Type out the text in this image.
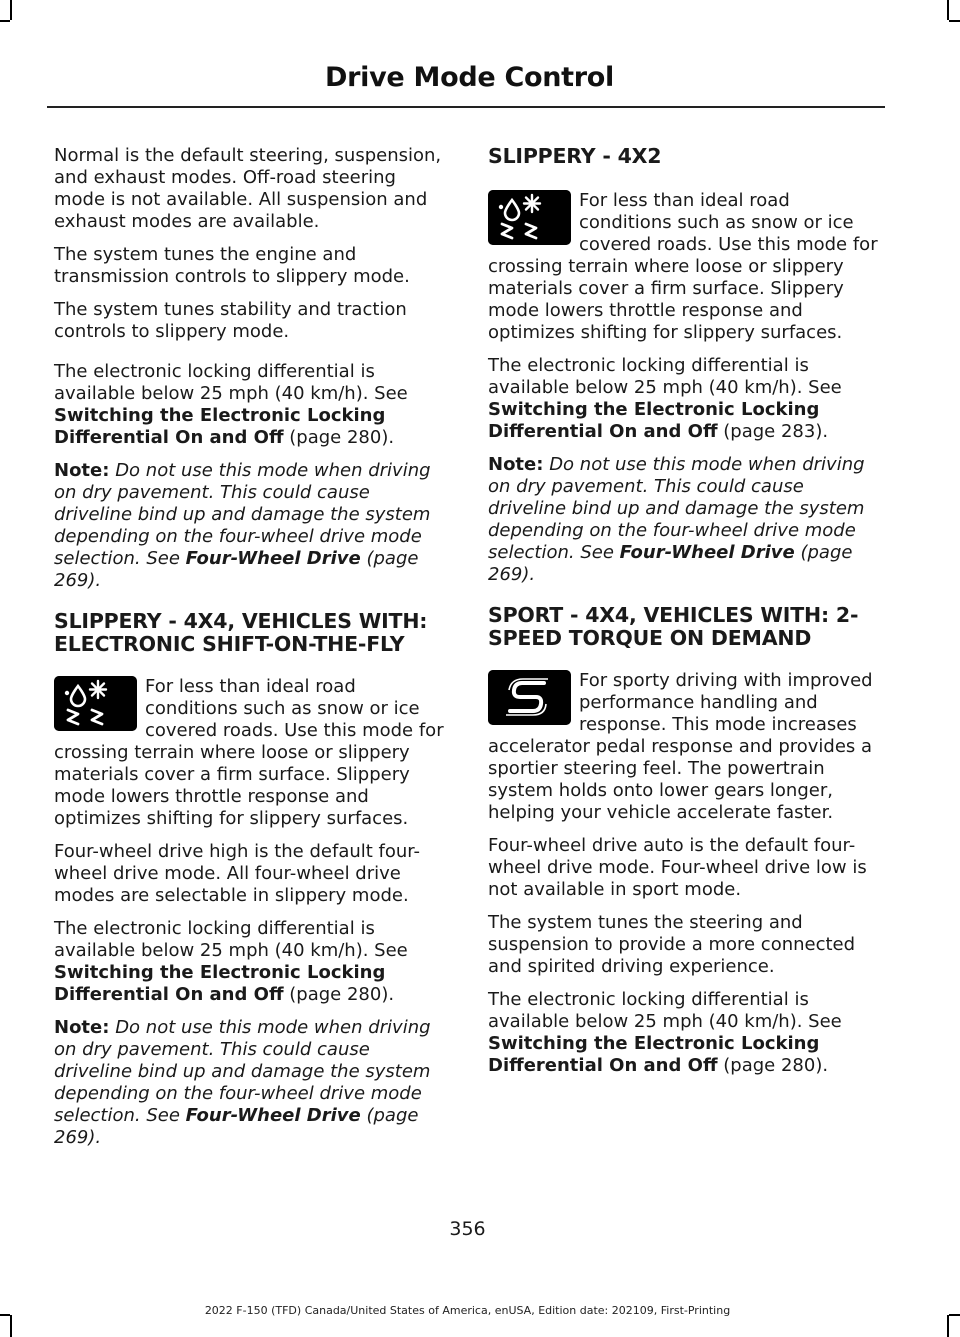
Drive Mode Control

Normal is the default steering, suspension, and exhaust modes. Off-road steering mode is not available. All suspension and exhaust modes are available.

The system tunes the engine and transmission controls to slippery mode.

The system tunes stability and traction controls to slippery mode.

The electronic locking differential is available below 25 mph (40 km/h). See Switching the Electronic Locking Differential On and Off (page 280).

Note: Do not use this mode when driving on dry pavement. This could cause driveline bind up and damage the system depending on the four-wheel drive mode selection. See Four-Wheel Drive (page 269).

SLIPPERY - 4X4, VEHICLES WITH: ELECTRONIC SHIFT-ON-THE-FLY

For less than ideal road conditions such as snow or ice covered roads. Use this mode for crossing terrain where loose or slippery materials cover a firm surface. Slippery mode lowers throttle response and optimizes shifting for slippery surfaces.

Four-wheel drive high is the default four-wheel drive mode. All four-wheel drive modes are selectable in slippery mode.

The electronic locking differential is available below 25 mph (40 km/h). See Switching the Electronic Locking Differential On and Off (page 280).

Note: Do not use this mode when driving on dry pavement. This could cause driveline bind up and damage the system depending on the four-wheel drive mode selection. See Four-Wheel Drive (page 269).

SLIPPERY - 4X2

For less than ideal road conditions such as snow or ice covered roads. Use this mode for crossing terrain where loose or slippery materials cover a firm surface. Slippery mode lowers throttle response and optimizes shifting for slippery surfaces.

The electronic locking differential is available below 25 mph (40 km/h). See Switching the Electronic Locking Differential On and Off (page 283).

Note: Do not use this mode when driving on dry pavement. This could cause driveline bind up and damage the system depending on the four-wheel drive mode selection. See Four-Wheel Drive (page 269).

SPORT - 4X4, VEHICLES WITH: 2-SPEED TORQUE ON DEMAND

For sporty driving with improved performance handling and response. This mode increases accelerator pedal response and provides a sportier steering feel. The powertrain system holds onto lower gears longer, helping your vehicle accelerate faster.

Four-wheel drive auto is the default four-wheel drive mode. Four-wheel drive low is not available in sport mode.

The system tunes the steering and suspension to provide a more connected and spirited driving experience.

The electronic locking differential is available below 25 mph (40 km/h). See Switching the Electronic Locking Differential On and Off (page 280).

356
2022 F-150 (TFD) Canada/United States of America, enUSA, Edition date: 202109, First-Printing
